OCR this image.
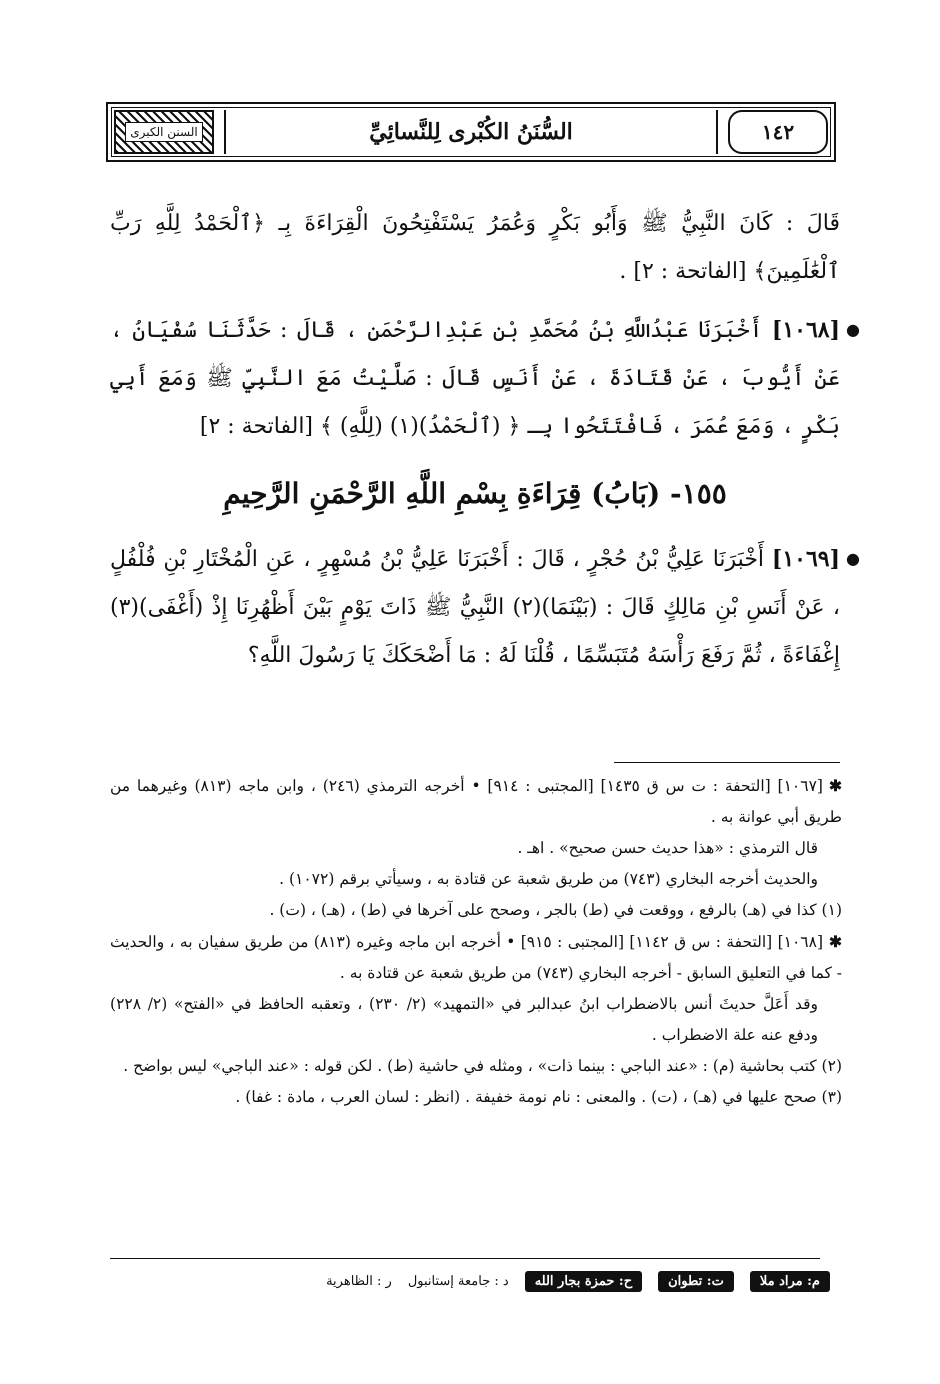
السنن الكبرى	السُّنَنُ الكُبْرى لِلنَّسائِيِّ	١٤٢

قَالَ : كَانَ النَّبِيُّ ﷺ وَأَبُو بَكْرٍ وَعُمَرُ يَسْتَفْتِحُونَ الْقِرَاءَةَ بِـ ﴿ٱلْحَمْدُ لِلَّهِ رَبِّ ٱلْعَٰلَمِينَ﴾ [الفاتحة : ٢] .

●
[١٠٦٨] أَخْبَرَنَا عَبْدُاللَّهِ بْنُ مُحَمَّدِ بْنِ عَبْدِالرَّحْمَنِ ، قَالَ : حَدَّثَنَا سُفْيَانُ ، عَنْ أَيُّوبَ ، عَنْ قَتَادَةَ ، عَنْ أَنَسٍ قَالَ : صَلَّيْتُ مَعَ النَّبِيِّ ﷺ وَمَعَ أَبِي بَكْرٍ ، وَمَعَ عُمَرَ ، فَافْتَتَحُوا بِـ ﴿ (ٱلْحَمْدُ)(١) (لِلَّهِ) ﴾ [الفاتحة : ٢]
١٥٥- (بَابُ) قِرَاءَةِ بِسْمِ اللَّهِ الرَّحْمَنِ الرَّحِيمِ
●
[١٠٦٩] أَخْبَرَنَا عَلِيُّ بْنُ حُجْرٍ ، قَالَ : أَخْبَرَنَا عَلِيُّ بْنُ مُسْهِرٍ ، عَنِ الْمُخْتَارِ بْنِ فُلْفُلٍ ، عَنْ أَنَسِ بْنِ مَالِكٍ قَالَ : (بَيْنَمَا)(٢) النَّبِيُّ ﷺ ذَاتَ يَوْمٍ بَيْنَ أَظْهُرِنَا إِذْ (أَغْفَى)(٣) إِغْفَاءَةً ، ثُمَّ رَفَعَ رَأْسَهُ مُتَبَسِّمًا ، قُلْنَا لَهُ : مَا أَضْحَكَكَ يَا رَسُولَ اللَّهِ؟

✱[١٠٦٧] [التحفة : ت س ق ١٤٣٥] [المجتبى : ٩١٤] • أخرجه الترمذي (٢٤٦) ، وابن ماجه (٨١٣) وغيرهما من طريق أبي عوانة به .

قال الترمذي : «هذا حديث حسن صحيح» . اهـ .

والحديث أخرجه البخاري (٧٤٣) من طريق شعبة عن قتادة به ، وسيأتي برقم (١٠٧٢) .

(١) كذا في (هـ) بالرفع ، ووقعت في (ط) بالجر ، وصحح على آخرها في (ط) ، (هـ) ، (ت) .

✱[١٠٦٨] [التحفة : س ق ١١٤٢] [المجتبى : ٩١٥] • أخرجه ابن ماجه وغيره (٨١٣) من طريق سفيان به ، والحديث - كما في التعليق السابق - أخرجه البخاري (٧٤٣) من طريق شعبة عن قتادة به .

وقد أَعَلَّ حديثَ أنس بالاضطراب ابنُ عبدالبر في «التمهيد» (٢/ ٢٣٠) ، وتعقبه الحافظ في «الفتح» (٢/ ٢٢٨) ودفع عنه علة الاضطراب .

(٢) كتب بحاشية (م) : «عند الباجي : بينما ذات» ، ومثله في حاشية (ط) . لكن قوله : «عند الباجي» ليس بواضح .

(٣) صحح عليها في (هـ) ، (ت) . والمعنى : نام نومة خفيفة . (انظر : لسان العرب ، مادة : غفا) .

م: مراد ملا
ت: تطوان
ح: حمزة بجار الله
د : جامعة إستانبول
ر : الظاهرية
